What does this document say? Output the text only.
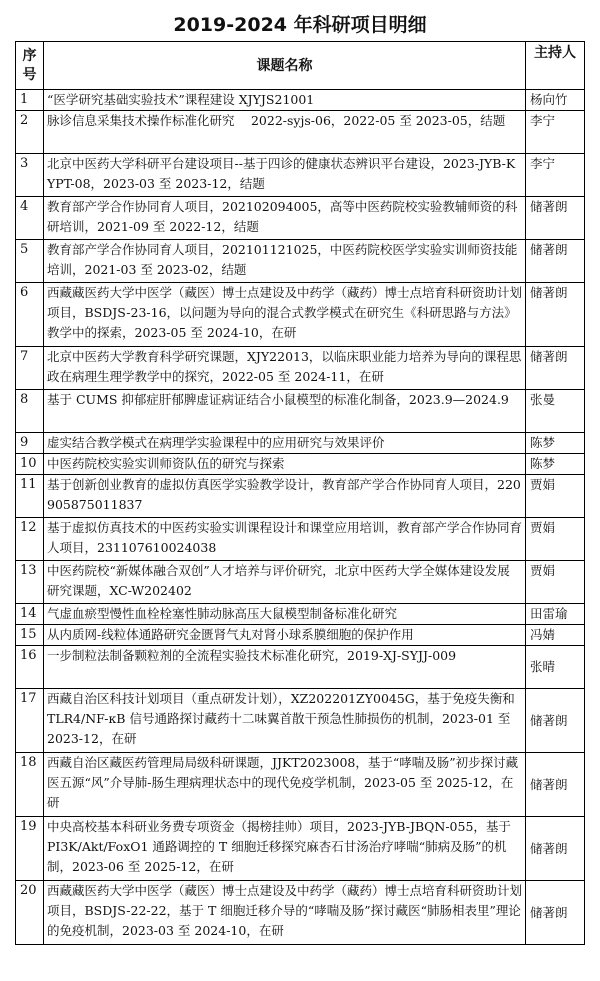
2019-2024 年科研项目明细
序号	课题名称	主持人
1	“医学研究基础实验技术”课程建设 XJYJS21001	杨向竹
2	脉诊信息采集技术操作标准化研究　 2022-syjs-06，2022-05 至 2023-05，结题	李宁
3	北京中医药大学科研平台建设项目--基于四诊的健康状态辨识平台建设，2023-JYB-KYPT-08，2023-03 至 2023-12，结题	李宁
4	教育部产学合作协同育人项目，202102094005，高等中医药院校实验教辅师资的科研培训，2021-09 至 2022-12，结题	储著朗
5	教育部产学合作协同育人项目，202101121025，中医药院校医学实验实训师资技能培训，2021-03 至 2023-02，结题	储著朗
6	西藏藏医药大学中医学（藏医）博士点建设及中药学（藏药）博士点培育科研资助计划项目，BSDJS-23-16，以问题为导向的混合式教学模式在研究生《科研思路与方法》教学中的探索，2023-05 至 2024-10，在研	储著朗
7	北京中医药大学教育科学研究课题，XJY22013，以临床职业能力培养为导向的课程思政在病理生理学教学中的探究，2022-05 至 2024-11，在研	储著朗
8	基于 CUMS 抑郁症肝郁脾虚证病证结合小鼠模型的标准化制备，2023.9—2024.9	张曼
9	虚实结合教学模式在病理学实验课程中的应用研究与效果评价	陈梦
10	中医药院校实验实训师资队伍的研究与探索	陈梦
11	基于创新创业教育的虚拟仿真医学实验教学设计，教育部产学合作协同育人项目，220905875011837	贾娟
12	基于虚拟仿真技术的中医药实验实训课程设计和课堂应用培训，教育部产学合作协同育人项目，231107610024038	贾娟
13	中医药院校“新媒体融合双创”人才培养与评价研究，北京中医药大学全媒体建设发展研究课题，XC-W202402	贾娟
14	气虚血瘀型慢性血栓栓塞性肺动脉高压大鼠模型制备标准化研究	田雷瑜
15	从内质网-线粒体通路研究金匮肾气丸对肾小球系膜细胞的保护作用	冯婧
16	一步制粒法制备颗粒剂的全流程实验技术标准化研究，2019-XJ-SYJJ-009	张晴
17	西藏自治区科技计划项目（重点研发计划），XZ202201ZY0045G，基于免疫失衡和 TLR4/NF-κB 信号通路探讨藏药十二味翼首散干预急性肺损伤的机制，2023-01 至 2023-12，在研	储著朗
18	西藏自治区藏医药管理局局级科研课题，JJKT2023008，基于“哮喘及肠”初步探讨藏医五源“风”介导肺-肠生理病理状态中的现代免疫学机制，2023-05 至 2025-12，在研	储著朗
19	中央高校基本科研业务费专项资金（揭榜挂帅）项目，2023-JYB-JBQN-055，基于 PI3K/Akt/FoxO1 通路调控的 T 细胞迁移探究麻杏石甘汤治疗哮喘“肺病及肠”的机制，2023-06 至 2025-12，在研	储著朗
20	西藏藏医药大学中医学（藏医）博士点建设及中药学（藏药）博士点培育科研资助计划项目，BSDJS-22-22，基于 T 细胞迁移介导的“哮喘及肠”探讨藏医“肺肠相表里”理论的免疫机制，2023-03 至 2024-10，在研	储著朗
